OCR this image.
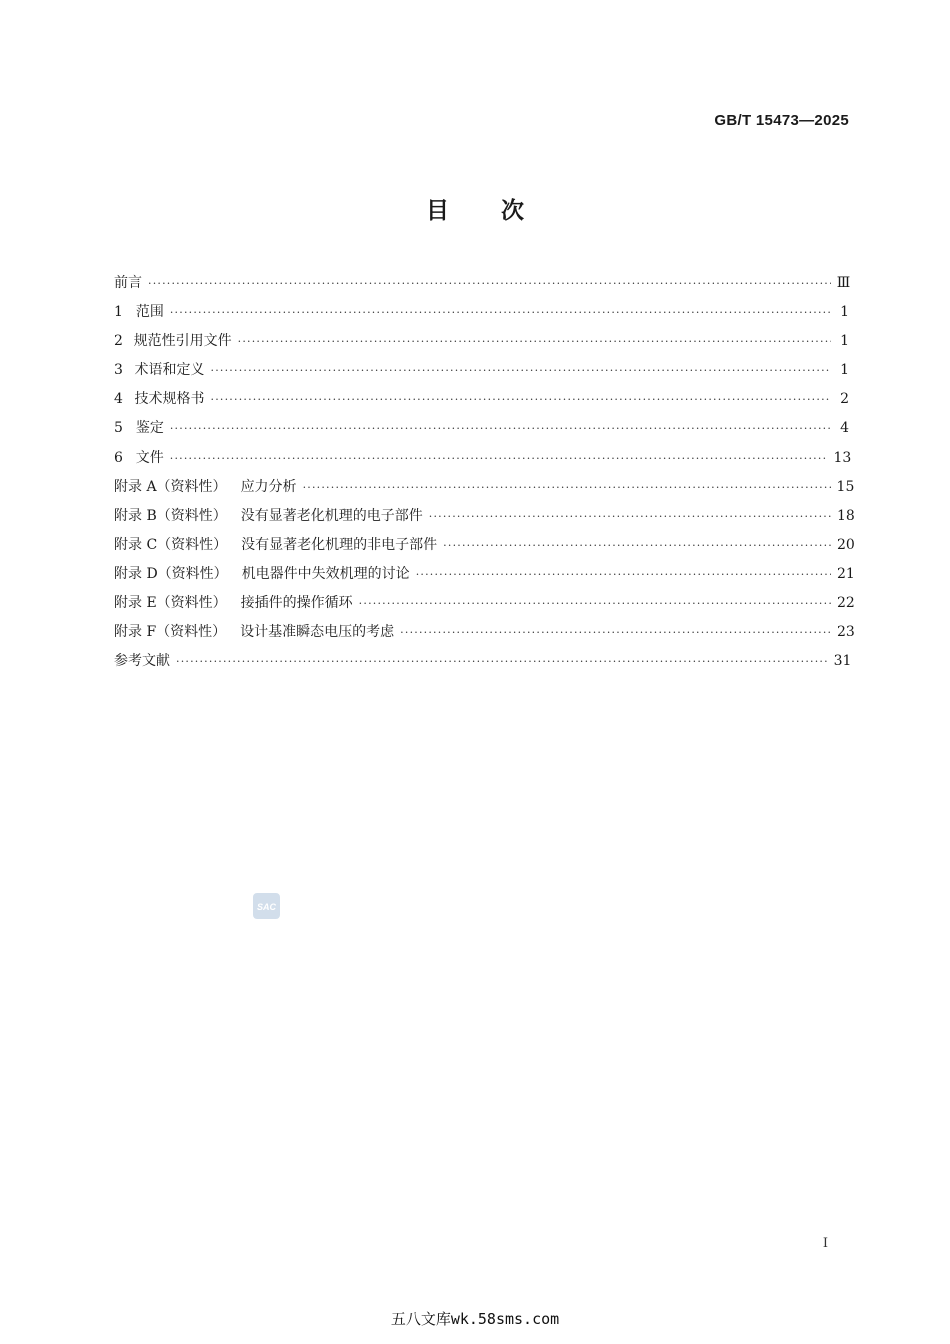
GB/T 15473—2025
目次
前言 ·····	Ⅲ
1 范围 ·····	1
2 规范性引用文件 ·····	1
3 术语和定义 ·····	1
4 技术规格书 ·····	2
5 鉴定 ·····	4
6 文件 ·····	13
附录 A（资料性） 应力分析 ·····	15
附录 B（资料性） 没有显著老化机理的电子部件 ·····	18
附录 C（资料性） 没有显著老化机理的非电子部件 ·····	20
附录 D（资料性） 机电器件中失效机理的讨论 ·····	21
附录 E（资料性） 接插件的操作循环 ·····	22
附录 F（资料性） 设计基准瞬态电压的考虑 ·····	23
参考文献 ·····	31
SAC
I
五八文库wk.58sms.com
